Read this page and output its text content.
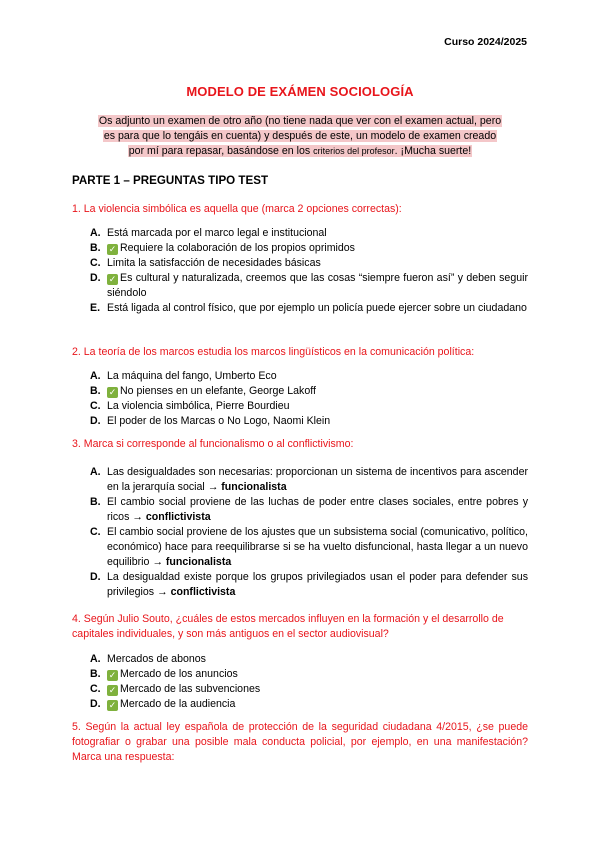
Curso 2024/2025
MODELO DE EXÁMEN SOCIOLOGÍA
Os adjunto un examen de otro año (no tiene nada que ver con el examen actual, pero
es para que lo tengáis en cuenta) y después de este, un modelo de examen creado
por mí para repasar, basándose en los criterios del profesor. ¡Mucha suerte!
PARTE 1 – PREGUNTAS TIPO TEST
1. La violencia simbólica es aquella que (marca 2 opciones correctas):
A. Está marcada por el marco legal e institucional
B. ✓ Requiere la colaboración de los propios oprimidos
C. Limita la satisfacción de necesidades básicas
D. ✓ Es cultural y naturalizada, creemos que las cosas “siempre fueron así” y deben seguir siéndolo
E. Está ligada al control físico, que por ejemplo un policía puede ejercer sobre un ciudadano
2. La teoría de los marcos estudia los marcos lingüísticos en la comunicación política:
A. La máquina del fango, Umberto Eco
B. ✓ No pienses en un elefante, George Lakoff
C. La violencia simbólica, Pierre Bourdieu
D. El poder de los Marcas o No Logo, Naomi Klein
3. Marca si corresponde al funcionalismo o al conflictivismo:
A. Las desigualdades son necesarias: proporcionan un sistema de incentivos para ascender en la jerarquía social → funcionalista
B. El cambio social proviene de las luchas de poder entre clases sociales, entre pobres y ricos → conflictivista
C. El cambio social proviene de los ajustes que un subsistema social (comunicativo, político, económico) hace para reequilibrarse si se ha vuelto disfuncional, hasta llegar a un nuevo equilibrio → funcionalista
D. La desigualdad existe porque los grupos privilegiados usan el poder para defender sus privilegios → conflictivista
4. Según Julio Souto, ¿cuáles de estos mercados influyen en la formación y el desarrollo de capitales individuales, y son más antiguos en el sector audiovisual?
A. Mercados de abonos
B. ✓ Mercado de los anuncios
C. ✓ Mercado de las subvenciones
D. ✓ Mercado de la audiencia
5. Según la actual ley española de protección de la seguridad ciudadana 4/2015, ¿se puede fotografiar o grabar una posible mala conducta policial, por ejemplo, en una manifestación? Marca una respuesta:
